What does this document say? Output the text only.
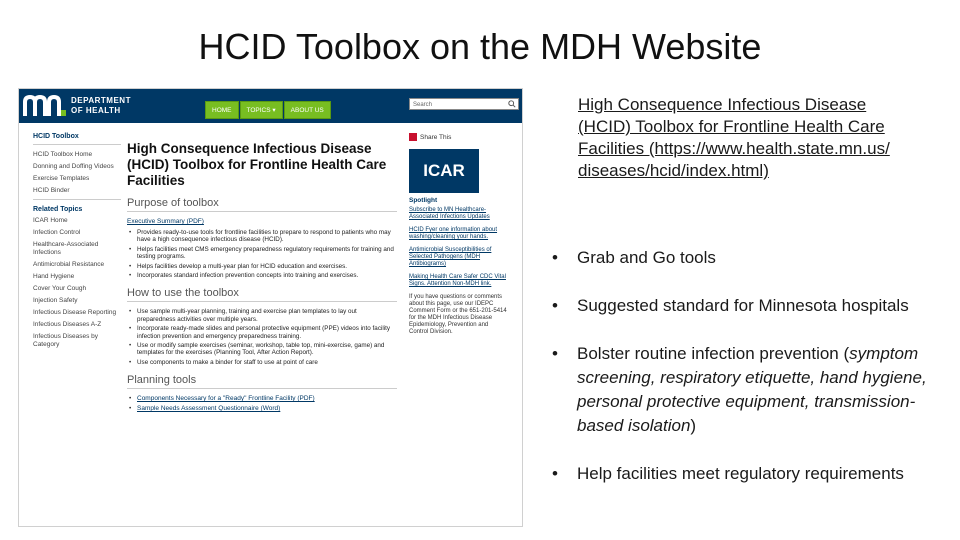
HCID Toolbox on the MDH Website
DEPARTMENT
OF HEALTH	HOME	TOPICS ▾	ABOUT US
Search
HCID Toolbox
HCID Toolbox Home
Donning and Doffing Videos
Exercise Templates
HCID Binder
Related Topics
ICAR Home
Infection Control
Healthcare-Associated Infections
Antimicrobial Resistance
Hand Hygiene
Cover Your Cough
Injection Safety
Infectious Disease Reporting
Infectious Diseases A-Z
Infectious Diseases by Category
High Consequence Infectious Disease (HCID) Toolbox for Frontline Health Care Facilities
Purpose of toolbox
Executive Summary (PDF)
• Provides ready-to-use tools for frontline facilities to prepare to respond to patients who may have a high consequence infectious disease (HCID).
• Helps facilities meet CMS emergency preparedness regulatory requirements for training and testing programs.
• Helps facilities develop a multi-year plan for HCID education and exercises.
• Incorporates standard infection prevention concepts into training and exercises.
How to use the toolbox
• Use sample multi-year planning, training and exercise plan templates to lay out preparedness activities over multiple years.
• Incorporate ready-made slides and personal protective equipment (PPE) videos into facility infection prevention and emergency preparedness training.
• Use or modify sample exercises (seminar, workshop, table top, mini-exercise, game) and templates for the exercises (Planning Tool, After Action Report).
• Use components to make a binder for staff to use at point of care
Planning tools
• Components Necessary for a "Ready" Frontline Facility (PDF)
• Sample Needs Assessment Questionnaire (Word)
Share This
ICAR
Spotlight
Subscribe to MN Healthcare-Associated Infections Updates
HCID Fyer one information about washing/cleaning your hands.
Antimicrobial Susceptibilities of Selected Pathogens (MDH Antibiograms)
Making Health Care Safer CDC Vital Signs. Attention Non-MDH link.
If you have questions or comments about this page, use our IDEPC Comment Form or the 651-201-5414 for the MDH Infectious Disease Epidemiology, Prevention and Control Division.
High Consequence Infectious Disease (HCID) Toolbox for Frontline Health Care Facilities (https://www.health.state.mn.us/ diseases/hcid/index.html)
• Grab and Go tools
• Suggested standard for Minnesota hospitals
• Bolster routine infection prevention (symptom screening, respiratory etiquette, hand hygiene, personal protective equipment, transmission-based isolation)
• Help facilities meet regulatory requirements
